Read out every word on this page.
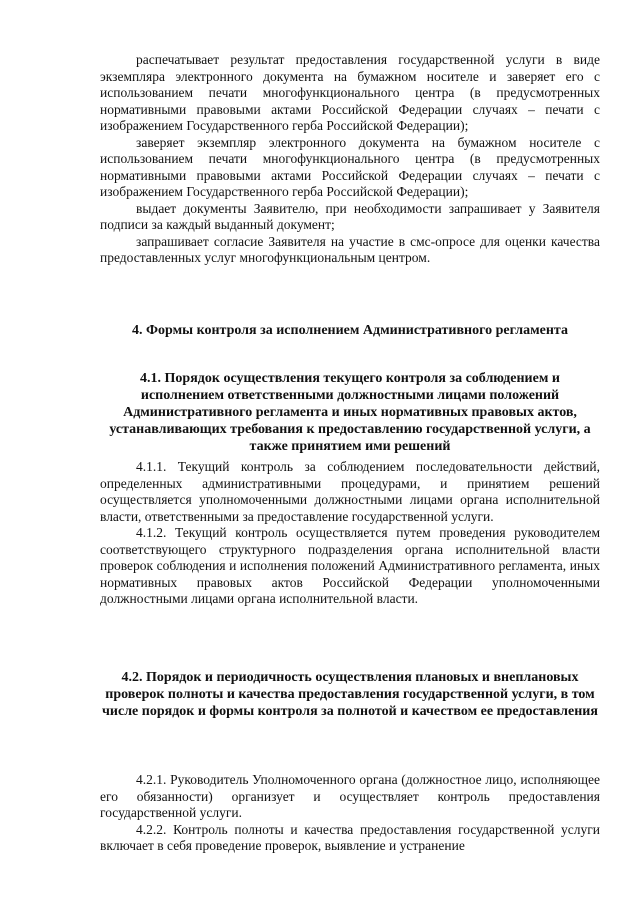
распечатывает результат предоставления государственной услуги в виде экземпляра электронного документа на бумажном носителе и заверяет его с использованием печати многофункционального центра (в предусмотренных нормативными правовыми актами Российской Федерации случаях – печати с изображением Государственного герба Российской Федерации);

заверяет экземпляр электронного документа на бумажном носителе с использованием печати многофункционального центра (в предусмотренных нормативными правовыми актами Российской Федерации случаях – печати с изображением Государственного герба Российской Федерации);

выдает документы Заявителю, при необходимости запрашивает у Заявителя подписи за каждый выданный документ;

запрашивает согласие Заявителя на участие в смс-опросе для оценки качества предоставленных услуг многофункциональным центром.

4. Формы контроля за исполнением Административного регламента
4.1. Порядок осуществления текущего контроля за соблюдением и исполнением ответственными должностными лицами положений Административного регламента и иных нормативных правовых актов, устанавливающих требования к предоставлению государственной услуги, а также принятием ими решений

4.1.1. Текущий контроль за соблюдением последовательности действий, определенных административными процедурами, и принятием решений осуществляется уполномоченными должностными лицами органа исполнительной власти, ответственными за предоставление государственной услуги.

4.1.2. Текущий контроль осуществляется путем проведения руководителем соответствующего структурного подразделения органа исполнительной власти проверок соблюдения и исполнения положений Административного регламента, иных нормативных правовых актов Российской Федерации уполномоченными должностными лицами органа исполнительной власти.

4.2. Порядок и периодичность осуществления плановых и внеплановых проверок полноты и качества предоставления государственной услуги, в том числе порядок и формы контроля за полнотой и качеством ее предоставления

4.2.1. Руководитель Уполномоченного органа (должностное лицо, исполняющее его обязанности) организует и осуществляет контроль предоставления государственной услуги.

4.2.2. Контроль полноты и качества предоставления государственной услуги включает в себя проведение проверок, выявление и устранение
